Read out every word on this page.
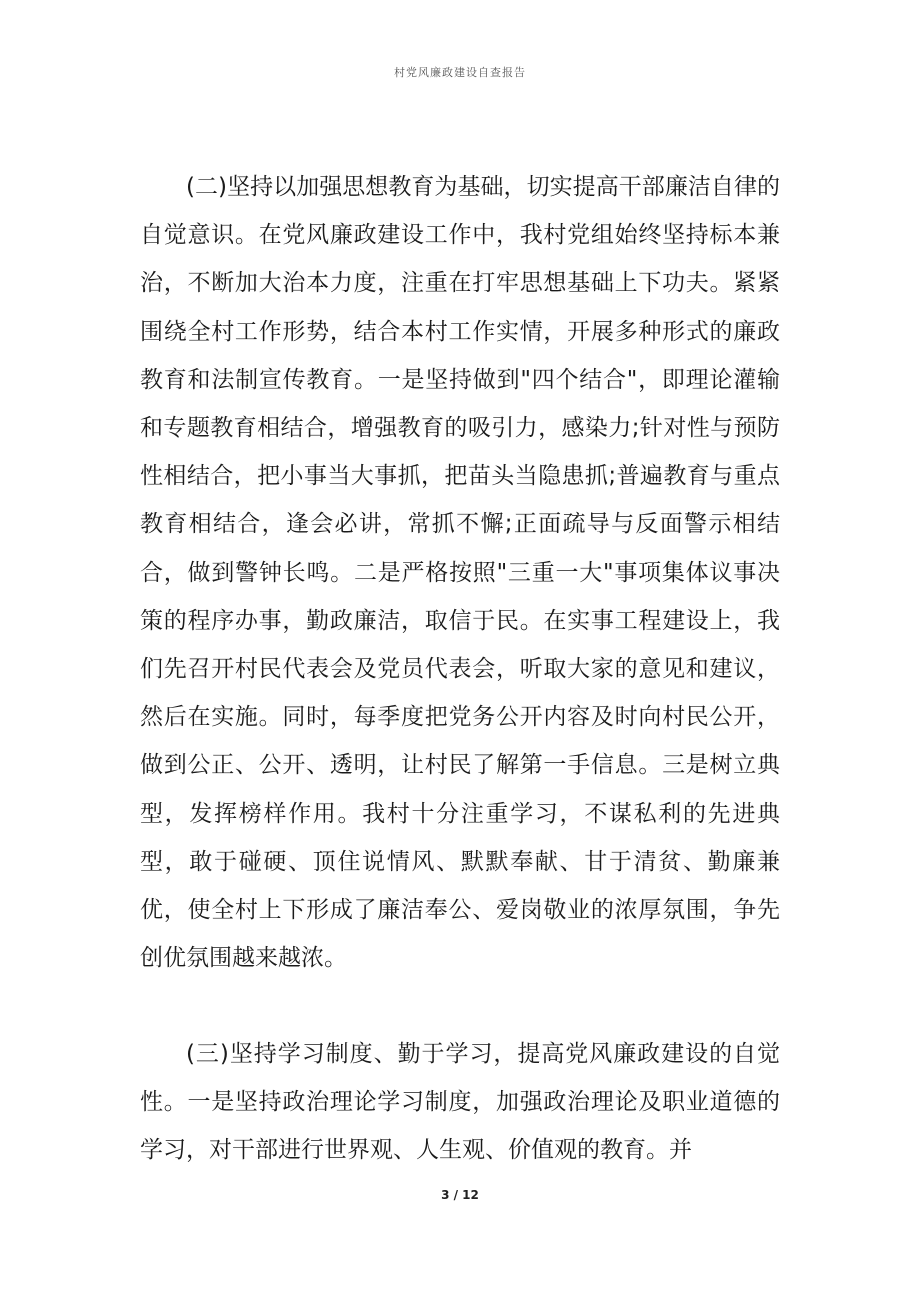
村党风廉政建设自查报告

(二)坚持以加强思想教育为基础，切实提高干部廉洁自律的自觉意识。在党风廉政建设工作中，我村党组始终坚持标本兼治，不断加大治本力度，注重在打牢思想基础上下功夫。紧紧围绕全村工作形势，结合本村工作实情，开展多种形式的廉政教育和法制宣传教育。一是坚持做到"四个结合"，即理论灌输和专题教育相结合，增强教育的吸引力，感染力;针对性与预防性相结合，把小事当大事抓，把苗头当隐患抓;普遍教育与重点教育相结合，逢会必讲，常抓不懈;正面疏导与反面警示相结合，做到警钟长鸣。二是严格按照"三重一大"事项集体议事决策的程序办事，勤政廉洁，取信于民。在实事工程建设上，我们先召开村民代表会及党员代表会，听取大家的意见和建议，然后在实施。同时，每季度把党务公开内容及时向村民公开，做到公正、公开、透明，让村民了解第一手信息。三是树立典型，发挥榜样作用。我村十分注重学习，不谋私利的先进典型，敢于碰硬、顶住说情风、默默奉献、甘于清贫、勤廉兼优，使全村上下形成了廉洁奉公、爱岗敬业的浓厚氛围，争先创优氛围越来越浓。

(三)坚持学习制度、勤于学习，提高党风廉政建设的自觉性。一是坚持政治理论学习制度，加强政治理论及职业道德的学习，对干部进行世界观、人生观、价值观的教育。并

3 / 12
